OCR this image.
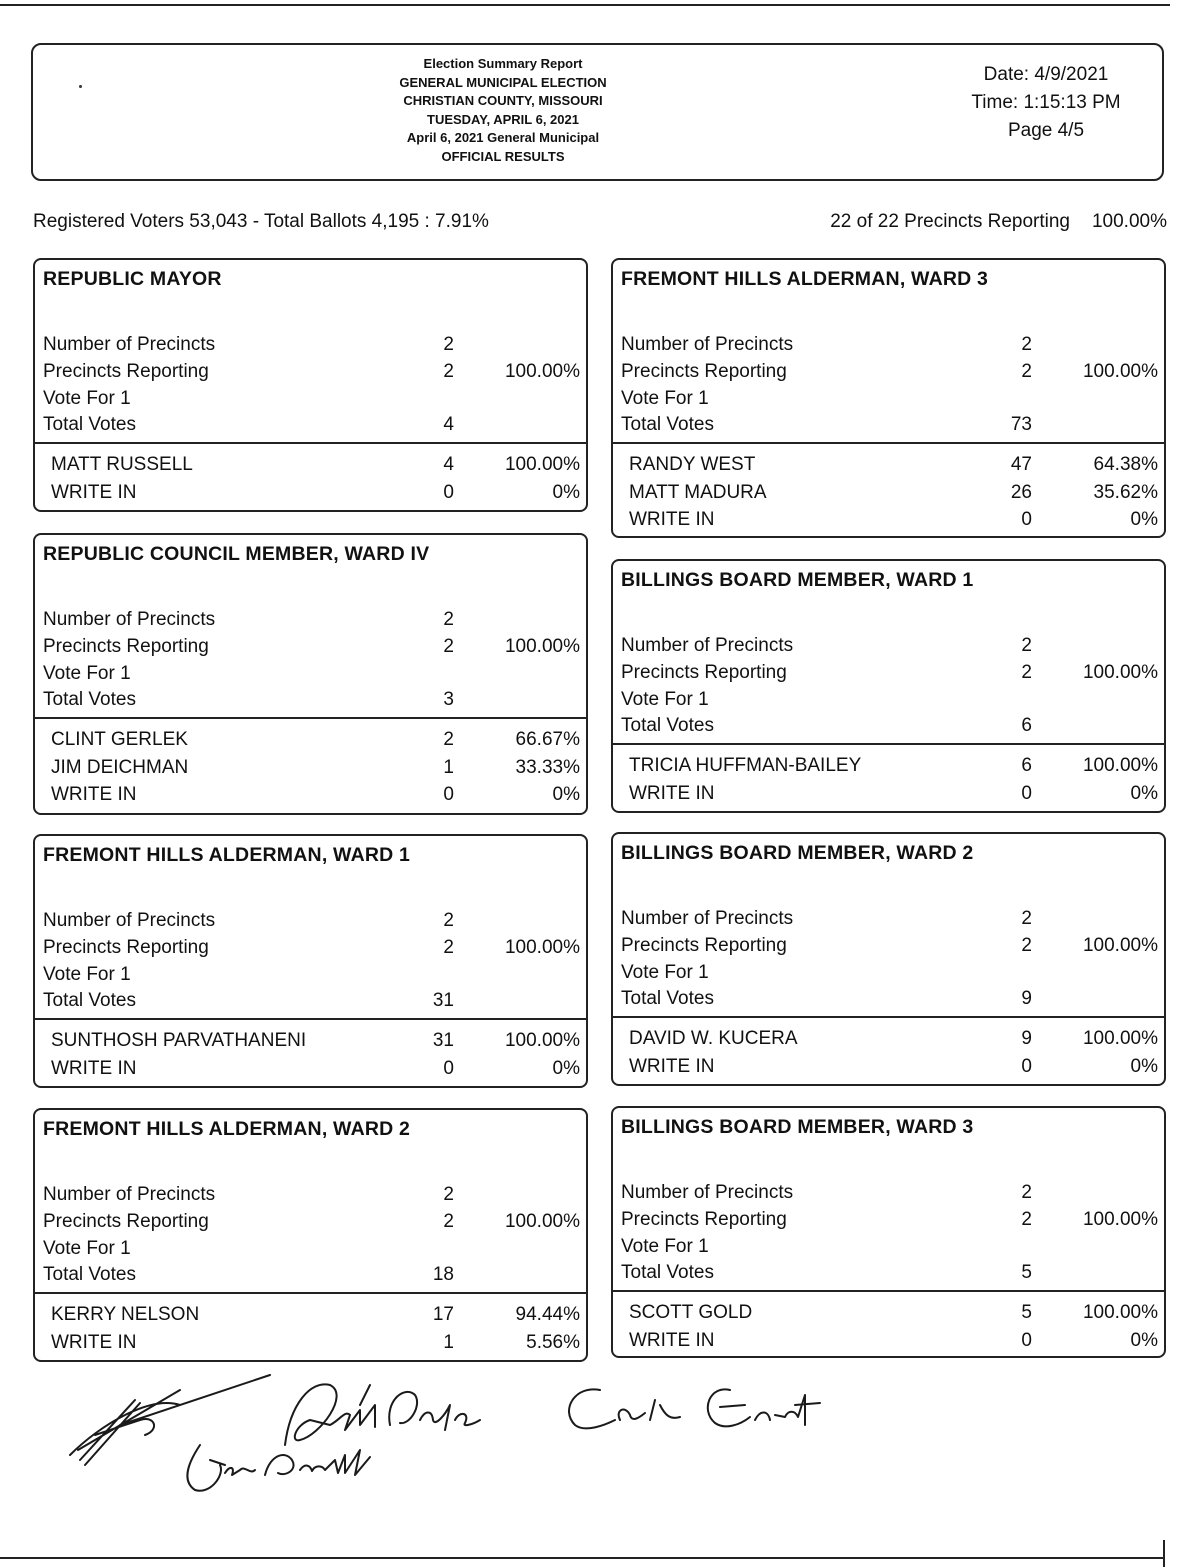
Election Summary Report
GENERAL MUNICIPAL ELECTION
CHRISTIAN COUNTY, MISSOURI
TUESDAY, APRIL 6, 2021
April 6, 2021 General Municipal
OFFICIAL RESULTS
Date: 4/9/2021
Time: 1:15:13 PM
Page 4/5
Registered Voters 53,043 - Total Ballots 4,195 : 7.91%	22 of 22 Precincts Reporting 100.00%
REPUBLIC MAYOR
Number of Precincts	2
Precincts Reporting	2	100.00%
Vote For 1
Total Votes	4
MATT RUSSELL	4	100.00%
WRITE IN	0	0%
REPUBLIC COUNCIL MEMBER, WARD IV
Number of Precincts	2
Precincts Reporting	2	100.00%
Vote For 1
Total Votes	3
CLINT GERLEK	2	66.67%
JIM DEICHMAN	1	33.33%
WRITE IN	0	0%
FREMONT HILLS ALDERMAN, WARD 1
Number of Precincts	2
Precincts Reporting	2	100.00%
Vote For 1
Total Votes	31
SUNTHOSH PARVATHANENI	31	100.00%
WRITE IN	0	0%
FREMONT HILLS ALDERMAN, WARD 2
Number of Precincts	2
Precincts Reporting	2	100.00%
Vote For 1
Total Votes	18
KERRY NELSON	17	94.44%
WRITE IN	1	5.56%
FREMONT HILLS ALDERMAN, WARD 3
Number of Precincts	2
Precincts Reporting	2	100.00%
Vote For 1
Total Votes	73
RANDY WEST	47	64.38%
MATT MADURA	26	35.62%
WRITE IN	0	0%
BILLINGS BOARD MEMBER, WARD 1
Number of Precincts	2
Precincts Reporting	2	100.00%
Vote For 1
Total Votes	6
TRICIA HUFFMAN-BAILEY	6	100.00%
WRITE IN	0	0%
BILLINGS BOARD MEMBER, WARD 2
Number of Precincts	2
Precincts Reporting	2	100.00%
Vote For 1
Total Votes	9
DAVID W. KUCERA	9	100.00%
WRITE IN	0	0%
BILLINGS BOARD MEMBER, WARD 3
Number of Precincts	2
Precincts Reporting	2	100.00%
Vote For 1
Total Votes	5
SCOTT GOLD	5	100.00%
WRITE IN	0	0%
